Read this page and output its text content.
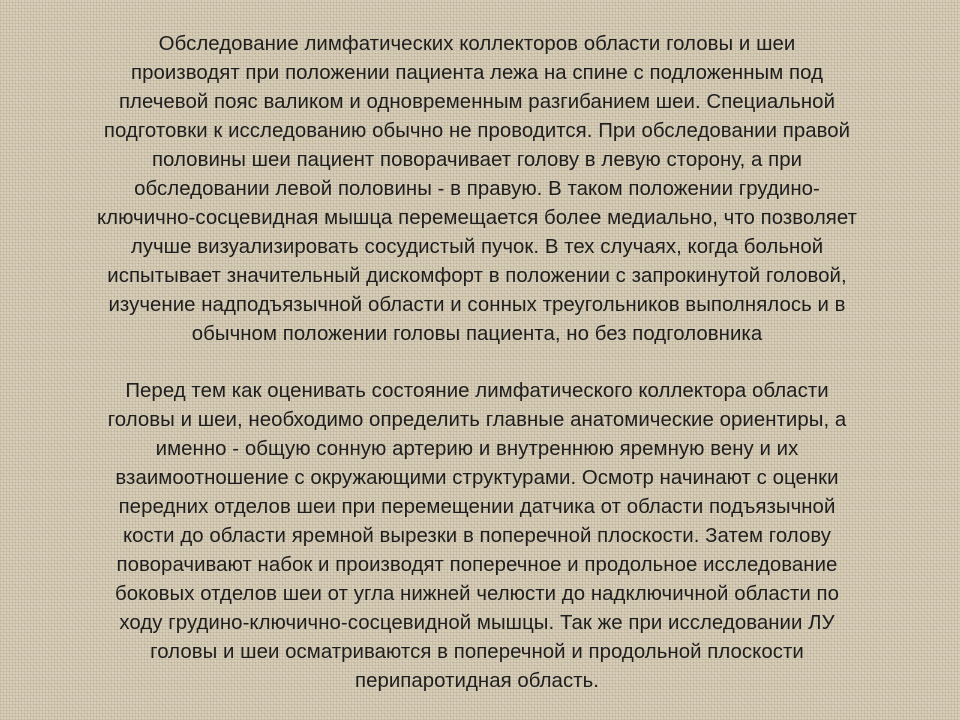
Обследование лимфатических коллекторов области головы и шеи
производят при положении пациента лежа на спине с подложенным под
плечевой пояс валиком и одновременным разгибанием шеи. Специальной
подготовки к исследованию обычно не проводится. При обследовании правой
половины шеи пациент поворачивает голову в левую сторону, а при
обследовании левой половины - в правую. В таком положении грудино-
ключично-сосцевидная мышца перемещается более медиально, что позволяет
лучше визуализировать сосудистый пучок. В тех случаях, когда больной
испытывает значительный дискомфорт в положении с запрокинутой головой,
изучение надподъязычной области и сонных треугольников выполнялось и в
обычном положении головы пациента, но без подголовника

Перед тем как оценивать состояние лимфатического коллектора области
головы и шеи, необходимо определить главные анатомические ориентиры, а
именно - общую сонную артерию и внутреннюю яремную вену и их
взаимоотношение с окружающими структурами. Осмотр начинают с оценки
передних отделов шеи при перемещении датчика от области подъязычной
кости до области яремной вырезки в поперечной плоскости. Затем голову
поворачивают набок и производят поперечное и продольное исследование
боковых отделов шеи от угла нижней челюсти до надключичной области по
ходу грудино-ключично-сосцевидной мышцы. Так же при исследовании ЛУ
головы и шеи осматриваются в поперечной и продольной плоскости
перипаротидная область.
